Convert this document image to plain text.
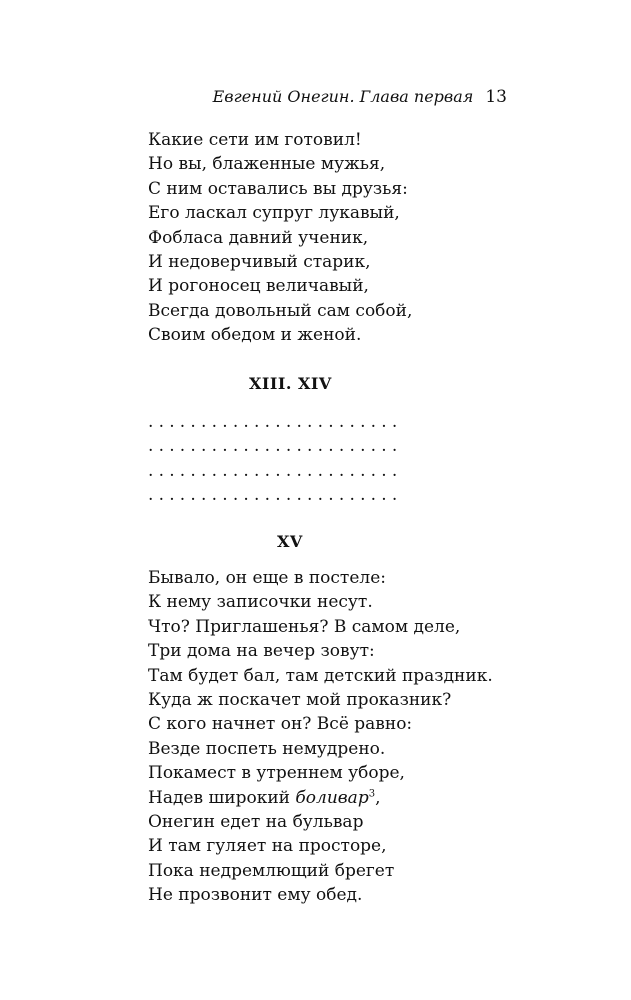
Евгений Онегин. Глава первая 13
Какие сети им готовил!
Но вы, блаженные мужья,
С ним оставались вы друзья:
Его ласкал супруг лукавый,
Фобласа давний ученик,
И недоверчивый старик,
И рогоносец величавый,
Всегда довольный сам собой,
Своим обедом и женой.
XIII. XIV
........................
........................
........................
........................
XV
Бывало, он еще в постеле:
К нему записочки несут.
Что? Приглашенья? В самом деле,
Три дома на вечер зовут:
Там будет бал, там детский праздник.
Куда ж поскачет мой проказник?
С кого начнет он? Всё равно:
Везде поспеть немудрено.
Покамест в утреннем уборе,
Надев широкий боливар$^3$,
Онегин едет на бульвар
И там гуляет на просторе,
Пока недремлющий брегет
Не прозвонит ему обед.
